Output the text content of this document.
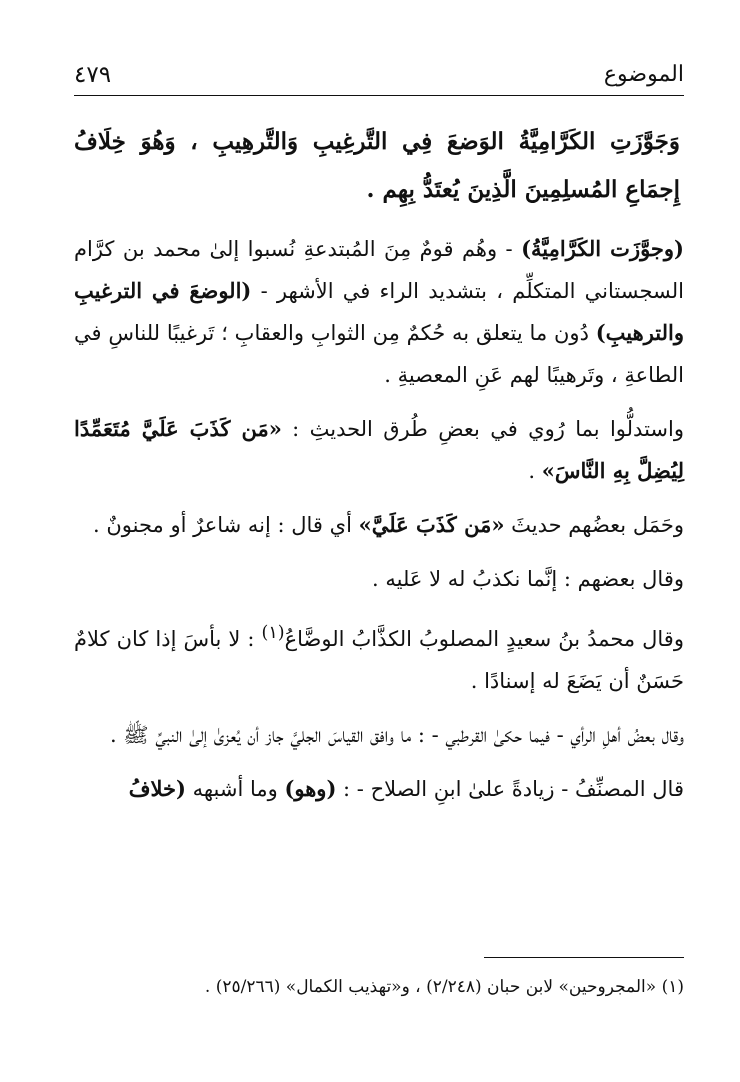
الموضوع
٤٧٩

وَجَوَّزَتِ الكَرَّامِيَّةُ الوَضعَ فِي التَّرغِيبِ وَالتَّرهِيبِ ، وَهُوَ خِلَافُ إِجمَاعِ المُسلِمِينَ الَّذِينَ يُعتَدُّ بِهِم .

(وجوَّزَت الكَرَّامِيَّةُ) - وهُم قومٌ مِنَ المُبتدعةِ نُسبوا إلىٰ محمد بن كرَّام السجستاني المتكلِّم ، بتشديد الراء في الأشهر - (الوضعَ في الترغيبِ والترهيبِ) دُون ما يتعلق به حُكمٌ مِن الثوابِ والعقابِ ؛ تَرغيبًا للناسِ في الطاعةِ ، وتَرهيبًا لهم عَنِ المعصيةِ .

واستدلُّوا بما رُوي في بعضِ طُرق الحديثِ : «مَن كَذَبَ عَلَيَّ مُتَعَمِّدًا لِيُضِلَّ بِهِ النَّاسَ» .

وحَمَل بعضُهم حديثَ «مَن كَذَبَ عَلَيَّ» أي قال : إنه شاعرٌ أو مجنونٌ .

وقال بعضهم : إنَّما نكذبُ له لا عَليه .

وقال محمدُ بنُ سعيدٍ المصلوبُ الكذَّابُ الوضَّاعُ$^{(١)}$ : لا بأسَ إذا كان كلامٌ حَسَنٌ أن يَضَعَ له إسنادًا .

وقال بعضُ أهلِ الرأي - فيما حكىٰ القرطبي - : ما وافق القياسَ الجليَّ جاز أن يُعزىٰ إلىٰ النبيِّ ﷺ .

قال المصنِّفُ - زيادةً علىٰ ابنِ الصلاح - : (وهو) وما أشبهه (خلافُ

(١) «المجروحين» لابن حبان (٢/٢٤٨) ، و«تهذيب الكمال» (٢٥/٢٦٦) .
